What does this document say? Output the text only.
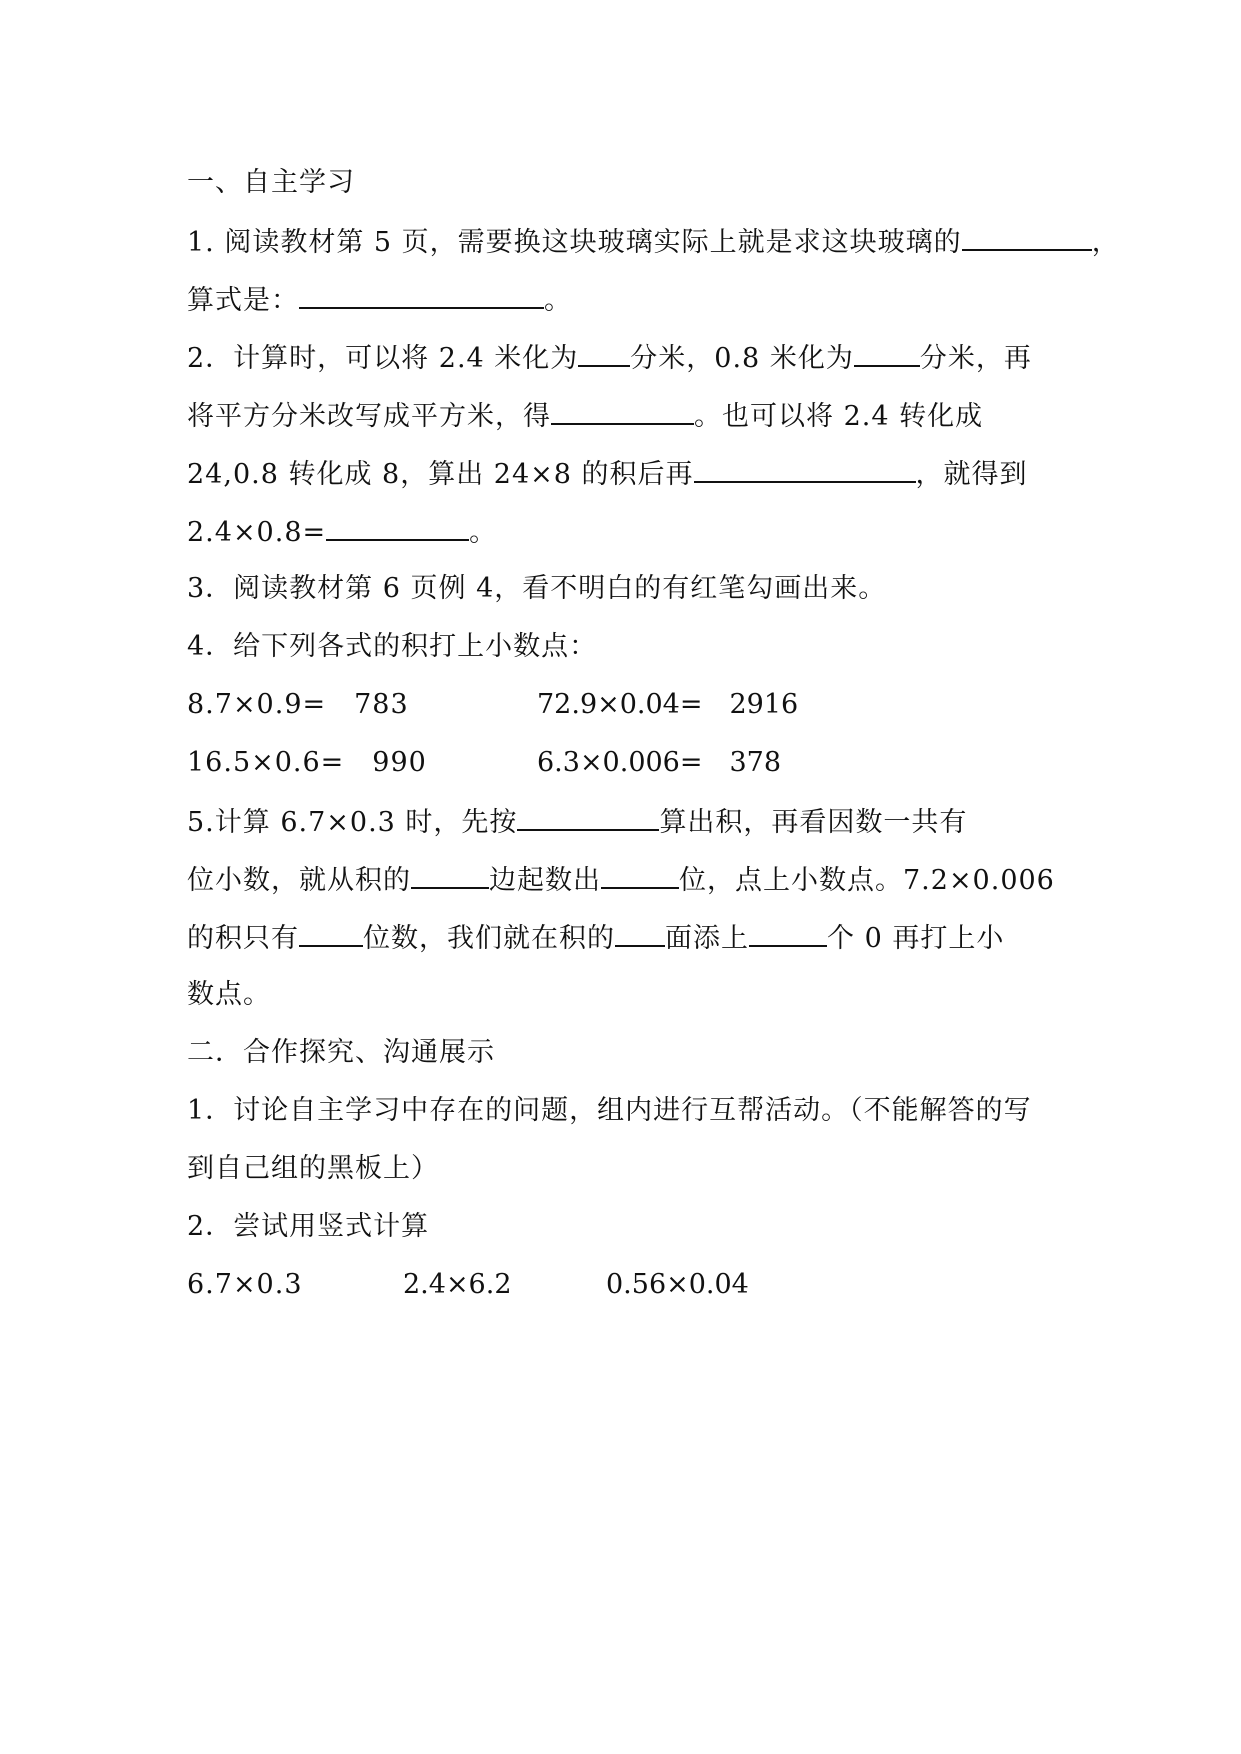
一、自主学习
1. 阅读教材第 5 页，需要换这块玻璃实际上就是求这块玻璃的	，
算式是：	。
2．计算时，可以将 2.4 米化为 分米，0.8 米化为 分米，再
将平方分米改写成平方米，得	。也可以将 2.4 转化成
24,0.8 转化成 8，算出 24×8 的积后再	，就得到
2.4×0.8=	。
3．阅读教材第 6 页例 4，看不明白的有红笔勾画出来。
4．给下列各式的积打上小数点：
8.7×0.9=　783	72.9×0.04=　2916
16.5×0.6=　990	6.3×0.006=　378
5.计算 6.7×0.3 时，先按	算出积，再看因数一共有
位小数，就从积的	边起数出	位，点上小数点。7.2×0.006
的积只有 位数，我们就在积的 面添上	个 0 再打上小
数点。
二．合作探究、沟通展示
1．讨论自主学习中存在的问题，组内进行互帮活动。（不能解答的写
到自己组的黑板上）
2．尝试用竖式计算
6.7×0.3	2.4×6.2	0.56×0.04
